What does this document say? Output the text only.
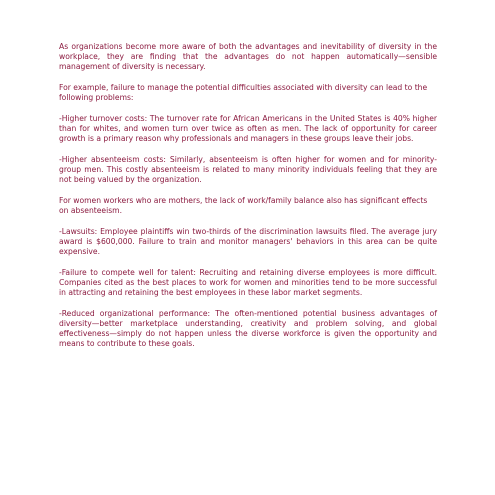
As organizations become more aware of both the advantages and inevitability of diversity in the workplace, they are finding that the advantages do not happen automatically—sensible management of diversity is necessary.

For example, failure to manage the potential difficulties associated with diversity can lead to the following problems:

-Higher turnover costs: The turnover rate for African Americans in the United States is 40% higher than for whites, and women turn over twice as often as men. The lack of opportunity for career growth is a primary reason why professionals and managers in these groups leave their jobs.

-Higher absenteeism costs: Similarly, absenteeism is often higher for women and for minority-group men. This costly absenteeism is related to many minority individuals feeling that they are not being valued by the organization.

For women workers who are mothers, the lack of work/family balance also has significant effects on absenteeism.

-Lawsuits: Employee plaintiffs win two-thirds of the discrimination lawsuits filed. The average jury award is $600,000. Failure to train and monitor managers' behaviors in this area can be quite expensive.

-Failure to compete well for talent: Recruiting and retaining diverse employees is more difficult. Companies cited as the best places to work for women and minorities tend to be more successful in attracting and retaining the best employees in these labor market segments.

-Reduced organizational performance: The often-mentioned potential business advantages of diversity—better marketplace understanding, creativity and problem solving, and global effectiveness—simply do not happen unless the diverse workforce is given the opportunity and means to contribute to these goals.
